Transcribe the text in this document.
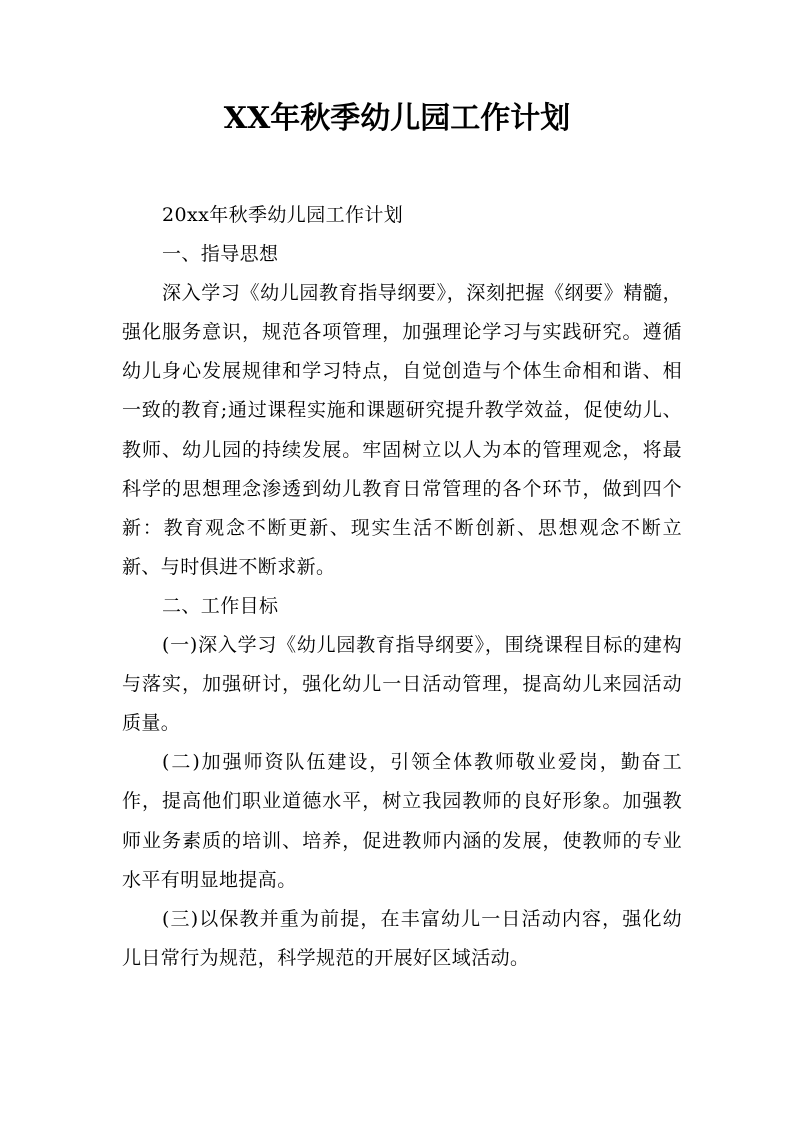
XX年秋季幼儿园工作计划

20xx年秋季幼儿园工作计划

一、指导思想

深入学习《幼儿园教育指导纲要》，深刻把握《纲要》精髓，强化服务意识，规范各项管理，加强理论学习与实践研究。遵循幼儿身心发展规律和学习特点，自觉创造与个体生命相和谐、相一致的教育;通过课程实施和课题研究提升教学效益，促使幼儿、教师、幼儿园的持续发展。牢固树立以人为本的管理观念，将最科学的思想理念渗透到幼儿教育日常管理的各个环节，做到四个新：教育观念不断更新、现实生活不断创新、思想观念不断立新、与时俱进不断求新。

二、工作目标

(一)深入学习《幼儿园教育指导纲要》，围绕课程目标的建构与落实，加强研讨，强化幼儿一日活动管理，提高幼儿来园活动质量。

(二)加强师资队伍建设，引领全体教师敬业爱岗，勤奋工作，提高他们职业道德水平，树立我园教师的良好形象。加强教师业务素质的培训、培养，促进教师内涵的发展，使教师的专业水平有明显地提高。

(三)以保教并重为前提，在丰富幼儿一日活动内容，强化幼儿日常行为规范，科学规范的开展好区域活动。
